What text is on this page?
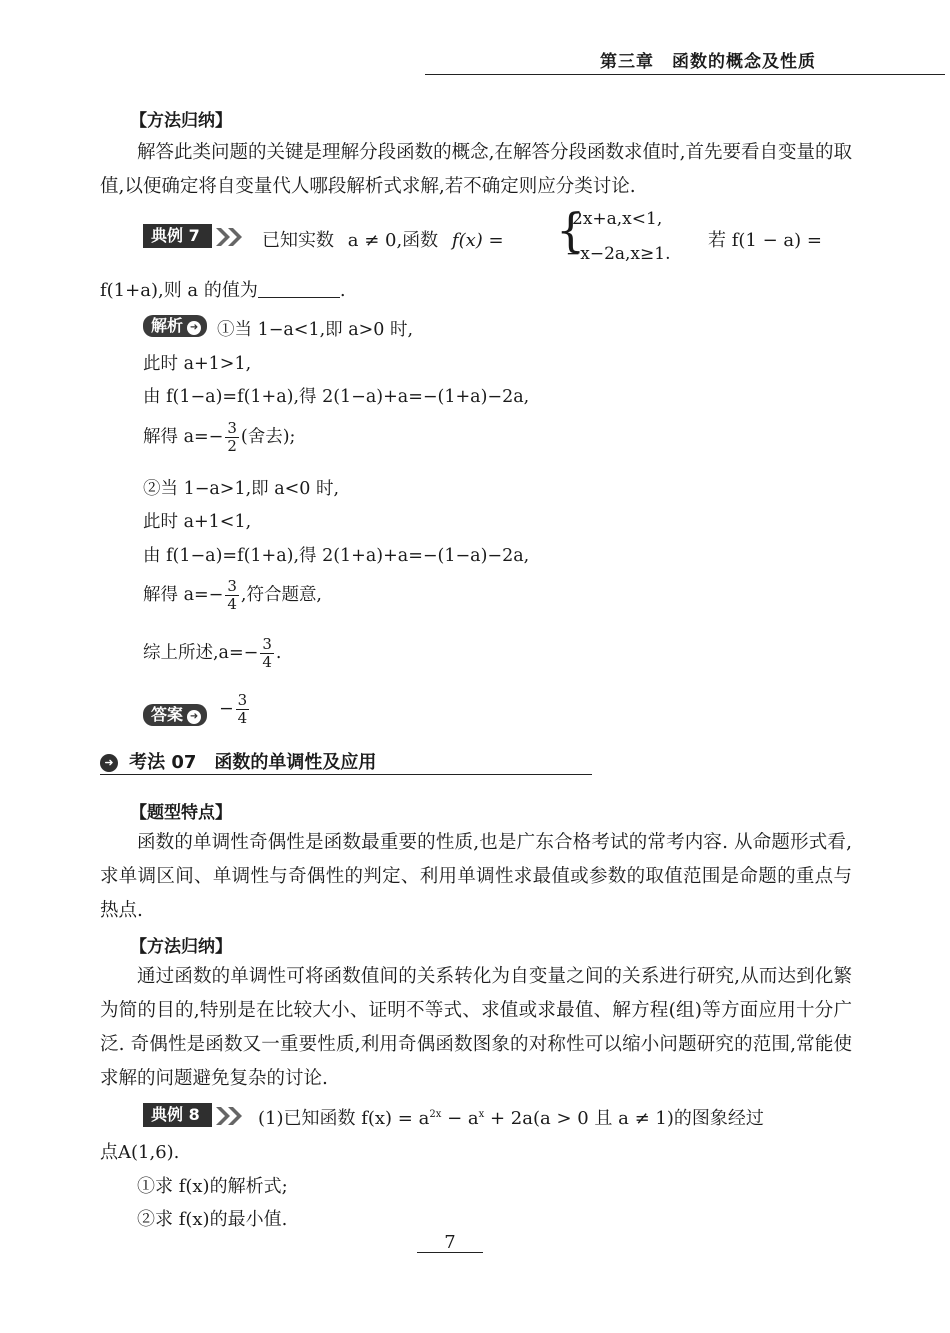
第三章　函数的概念及性质
【方法归纳】
解答此类问题的关键是理解分段函数的概念,在解答分段函数求值时,首先要看自变量的取值,以便确定将自变量代人哪段解析式求解,若不确定则应分类讨论.
典例 7	已知实数 a ≠ 0,函数 f(x) = {
2x+a,x<1,
−x−2a,x≥1.
若 f(1 − a) =
f(1+a),则 a 的值为	.
解析 ➜	①当 1−a<1,即 a>0 时,
此时 a+1>1,
由 f(1−a)=f(1+a),得 2(1−a)+a=−(1+a)−2a,
解得 $a=- \frac{3}{2}$ (舍去);
②当 1−a>1,即 a<0 时,
此时 a+1<1,
由 f(1−a)=f(1+a),得 2(1+a)+a=−(1−a)−2a,
解得 $a=- \frac{3}{4}$ ,符合题意,
综上所述$,a=- \frac{3}{4}$ .
答案 ➜	− $\frac{3}{4}$
➜ 考法 07　函数的单调性及应用
【题型特点】
函数的单调性奇偶性是函数最重要的性质,也是广东合格考试的常考内容. 从命题形式看,求单调区间、单调性与奇偶性的判定、利用单调性求最值或参数的取值范围是命题的重点与热点.
【方法归纳】
通过函数的单调性可将函数值间的关系转化为自变量之间的关系进行研究,从而达到化繁为简的目的,特别是在比较大小、证明不等式、求值或求最值、解方程(组)等方面应用十分广泛. 奇偶性是函数又一重要性质,利用奇偶函数图象的对称性可以缩小问题研究的范围,常能使求解的问题避免复杂的讨论.
典例 8	(1)已知函数 $f(x) = a^{2x} - a^x + 2a(a > 0$ 且 a ≠ 1)的图象经过
点A(1,6).
①求 f(x)的解析式;
②求 f(x)的最小值.
7
